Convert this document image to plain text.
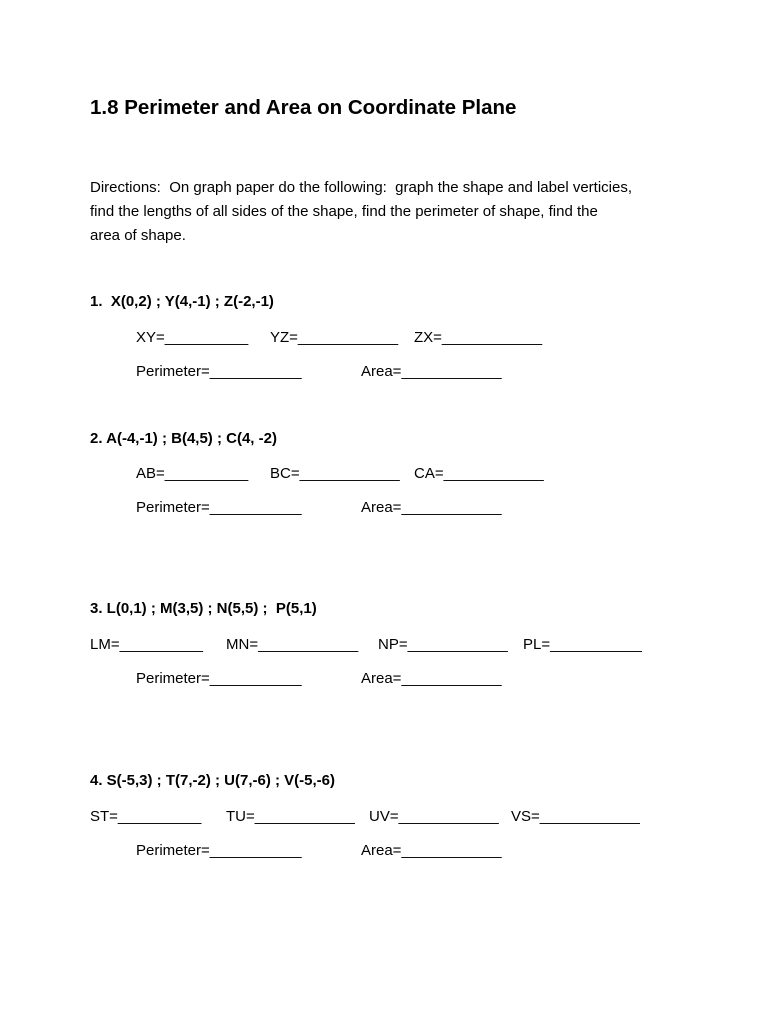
1.8 Perimeter and Area on Coordinate Plane
Directions:  On graph paper do the following:  graph the shape and label verticies,
find the lengths of all sides of the shape, find the perimeter of shape, find the
area of shape.
1.  X(0,2) ; Y(4,-1) ; Z(-2,-1)
XY=__________ YZ=____________ ZX=____________
Perimeter=___________	Area=____________
2. A(-4,-1) ; B(4,5) ; C(4, -2)
AB=__________ BC=____________ CA=____________
Perimeter=___________	Area=____________
3. L(0,1) ; M(3,5) ; N(5,5) ;  P(5,1)
LM=__________ MN=____________ NP=____________ PL=___________
Perimeter=___________	Area=____________
4. S(-5,3) ; T(7,-2) ; U(7,-6) ; V(-5,-6)
ST=__________ TU=____________ UV=____________ VS=____________
Perimeter=___________	Area=____________
